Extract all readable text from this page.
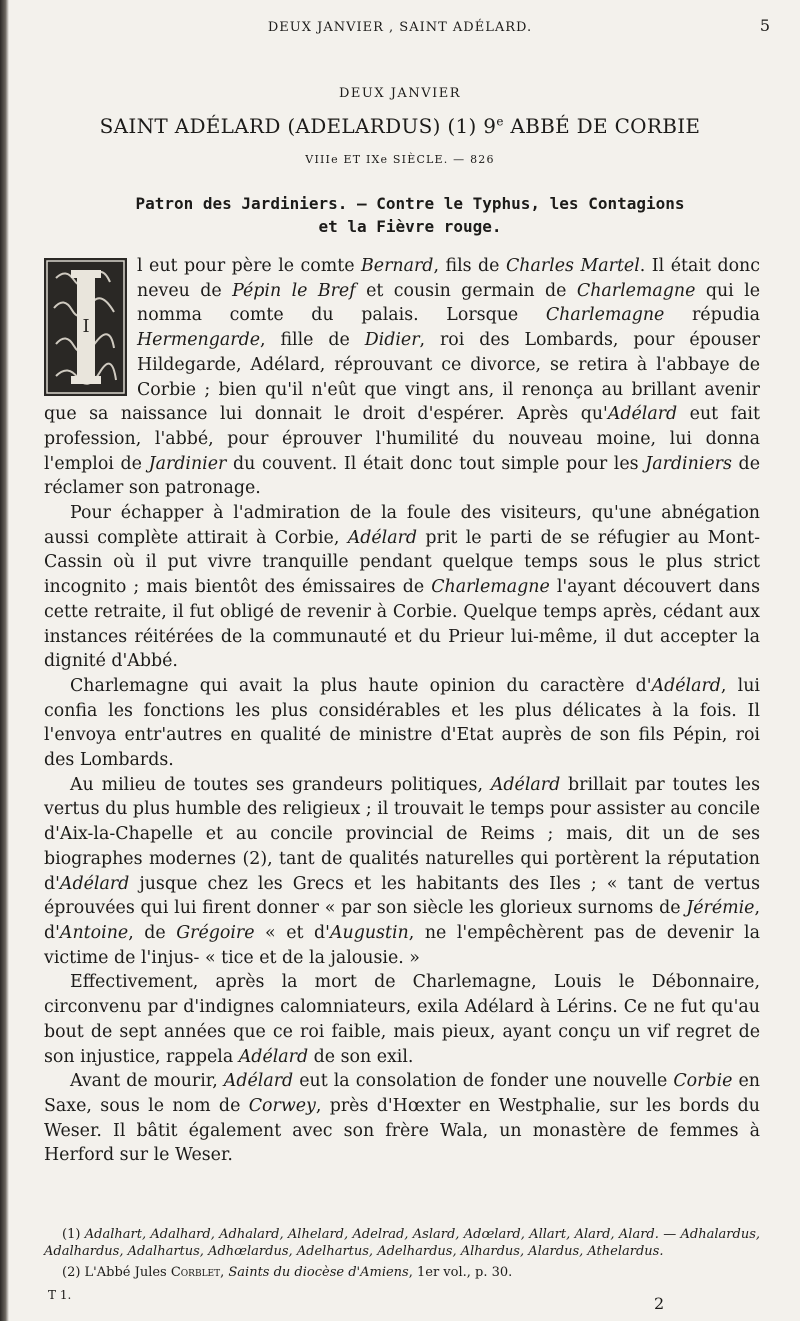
DEUX JANVIER , SAINT ADÉLARD.	5
DEUX JANVIER
SAINT ADÉLARD (ADELARDUS) (1) 9e ABBÉ DE CORBIE
VIIIe ET IXe SIÈCLE. — 826
Patron des Jardiniers. — Contre le Typhus, les Contagions
et la Fièvre rouge.

I
l eut pour père le comte Bernard, fils de Charles Martel. Il était donc neveu de Pépin le Bref et cousin germain de Charlemagne qui le nomma comte du palais. Lorsque Charlemagne répudia Hermengarde, fille de Didier, roi des Lombards, pour épouser Hildegarde, Adélard, réprouvant ce divorce, se retira à l'abbaye de Corbie ; bien qu'il n'eût que vingt ans, il renonça au brillant avenir que sa naissance lui donnait le droit d'espérer. Après qu'Adélard eut fait profession, l'abbé, pour éprouver l'humilité du nouveau moine, lui donna l'emploi de Jardinier du couvent. Il était donc tout simple pour les Jardiniers de réclamer son patronage.

Pour échapper à l'admiration de la foule des visiteurs, qu'une abnégation aussi complète attirait à Corbie, Adélard prit le parti de se réfugier au Mont-Cassin où il put vivre tranquille pendant quelque temps sous le plus strict incognito ; mais bientôt des émissaires de Charlemagne l'ayant découvert dans cette retraite, il fut obligé de revenir à Corbie. Quelque temps après, cédant aux instances réitérées de la communauté et du Prieur lui-même, il dut accepter la dignité d'Abbé.

Charlemagne qui avait la plus haute opinion du caractère d'Adélard, lui confia les fonctions les plus considérables et les plus délicates à la fois. Il l'envoya entr'autres en qualité de ministre d'Etat auprès de son fils Pépin, roi des Lombards.

Au milieu de toutes ses grandeurs politiques, Adélard brillait par toutes les vertus du plus humble des religieux ; il trouvait le temps pour assister au concile d'Aix-la-Chapelle et au concile provincial de Reims ; mais, dit un de ses biographes modernes (2), tant de qualités naturelles qui portèrent la réputation d'Adélard jusque chez les Grecs et les habitants des Iles ; « tant de vertus éprouvées qui lui firent donner « par son siècle les glorieux surnoms de Jérémie, d'Antoine, de Grégoire « et d'Augustin, ne l'empêchèrent pas de devenir la victime de l'injus- « tice et de la jalousie. »

Effectivement, après la mort de Charlemagne, Louis le Débonnaire, circonvenu par d'indignes calomniateurs, exila Adélard à Lérins. Ce ne fut qu'au bout de sept années que ce roi faible, mais pieux, ayant conçu un vif regret de son injustice, rappela Adélard de son exil.

Avant de mourir, Adélard eut la consolation de fonder une nouvelle Corbie en Saxe, sous le nom de Corwey, près d'Hœxter en Westphalie, sur les bords du Weser. Il bâtit également avec son frère Wala, un monastère de femmes à Herford sur le Weser.

(1) Adalhart, Adalhard, Adhalard, Alhelard, Adelrad, Aslard, Adœlard, Allart, Alard, Alard. — Adhalardus, Adalhardus, Adalhartus, Adhœlardus, Adelhartus, Adelhardus, Alhardus, Alardus, Athelardus.

(2) L'Abbé Jules Corblet, Saints du diocèse d'Amiens, 1er vol., p. 30.

T 1.	2
